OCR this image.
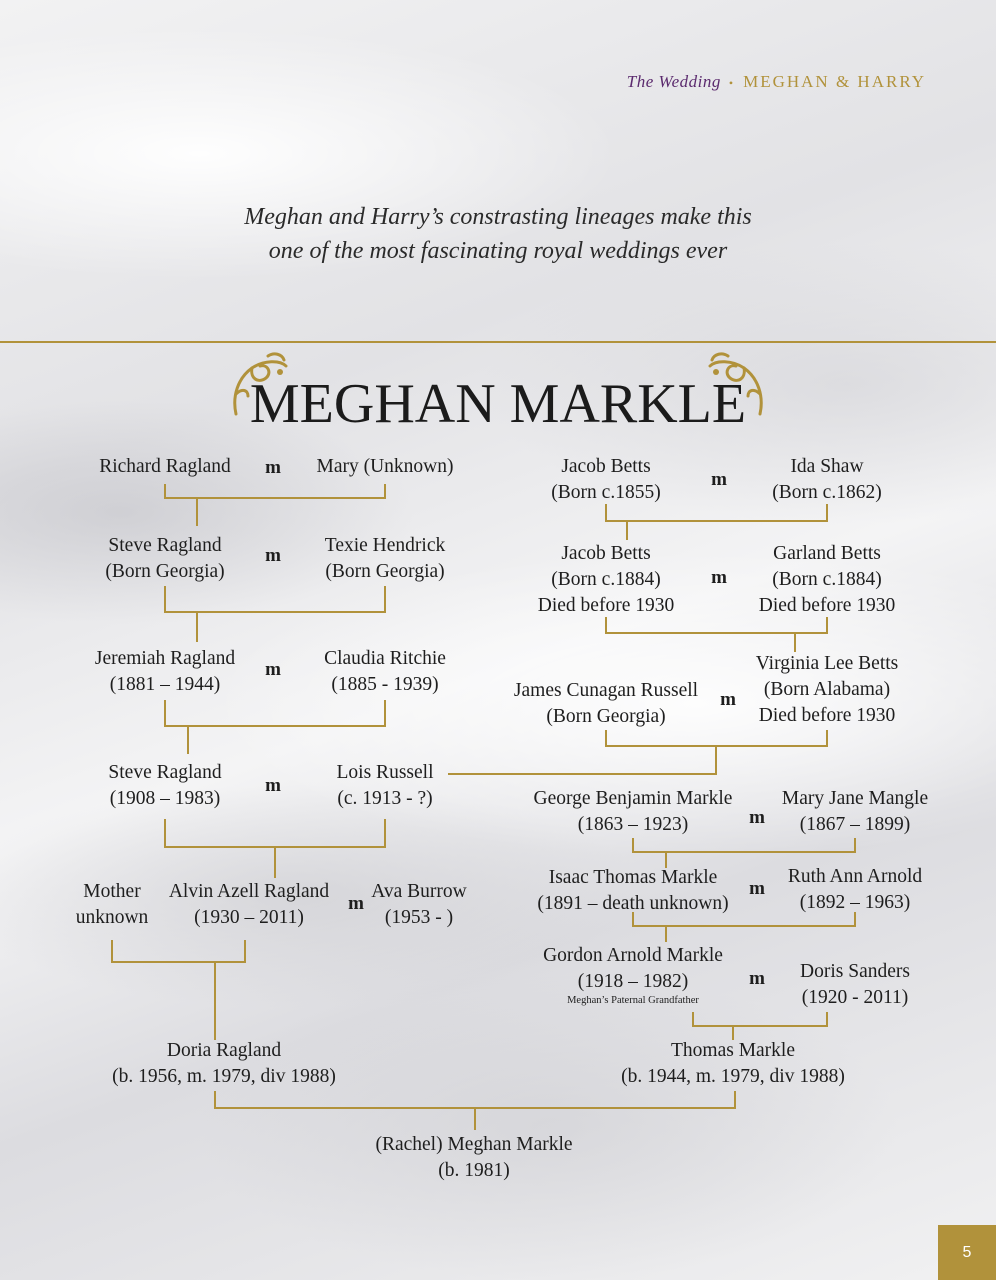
The Wedding • MEGHAN & HARRY
Meghan and Harry’s constrasting lineages make this
one of the most fascinating royal weddings ever
MEGHAN MARKLE
Richard Ragland m Mary (Unknown)
Steve Ragland
(Born Georgia)
m Texie Hendrick
(Born Georgia)
Jeremiah Ragland
(1881 – 1944)
m
Claudia Ritchie
(1885 - 1939)
Steve Ragland
(1908 – 1983)
m
Lois Russell
(c. 1913 - ?)
Mother
unknown
Alvin Azell Ragland
(1930 – 2011)
m
Ava Burrow
(1953 - )
Doria Ragland
(b. 1956, m. 1979, div 1988)
Jacob Betts
(Born c.1855)
m
Ida Shaw
(Born c.1862)
Jacob Betts
(Born c.1884)
Died before 1930
m
Garland Betts
(Born c.1884)
Died before 1930
James Cunagan Russell
(Born Georgia)
m
Virginia Lee Betts
(Born Alabama)
Died before 1930
George Benjamin Markle
(1863 – 1923)	m
Mary Jane Mangle
(1867 – 1899)
Isaac Thomas Markle
(1891 – death unknown)
m
Ruth Ann Arnold
(1892 – 1963)
Gordon Arnold Markle
(1918 – 1982)
Meghan’s Paternal Grandfather
m Doris Sanders
(1920 - 2011)
Thomas Markle
(b. 1944, m. 1979, div 1988)
(Rachel) Meghan Markle
(b. 1981)
5
